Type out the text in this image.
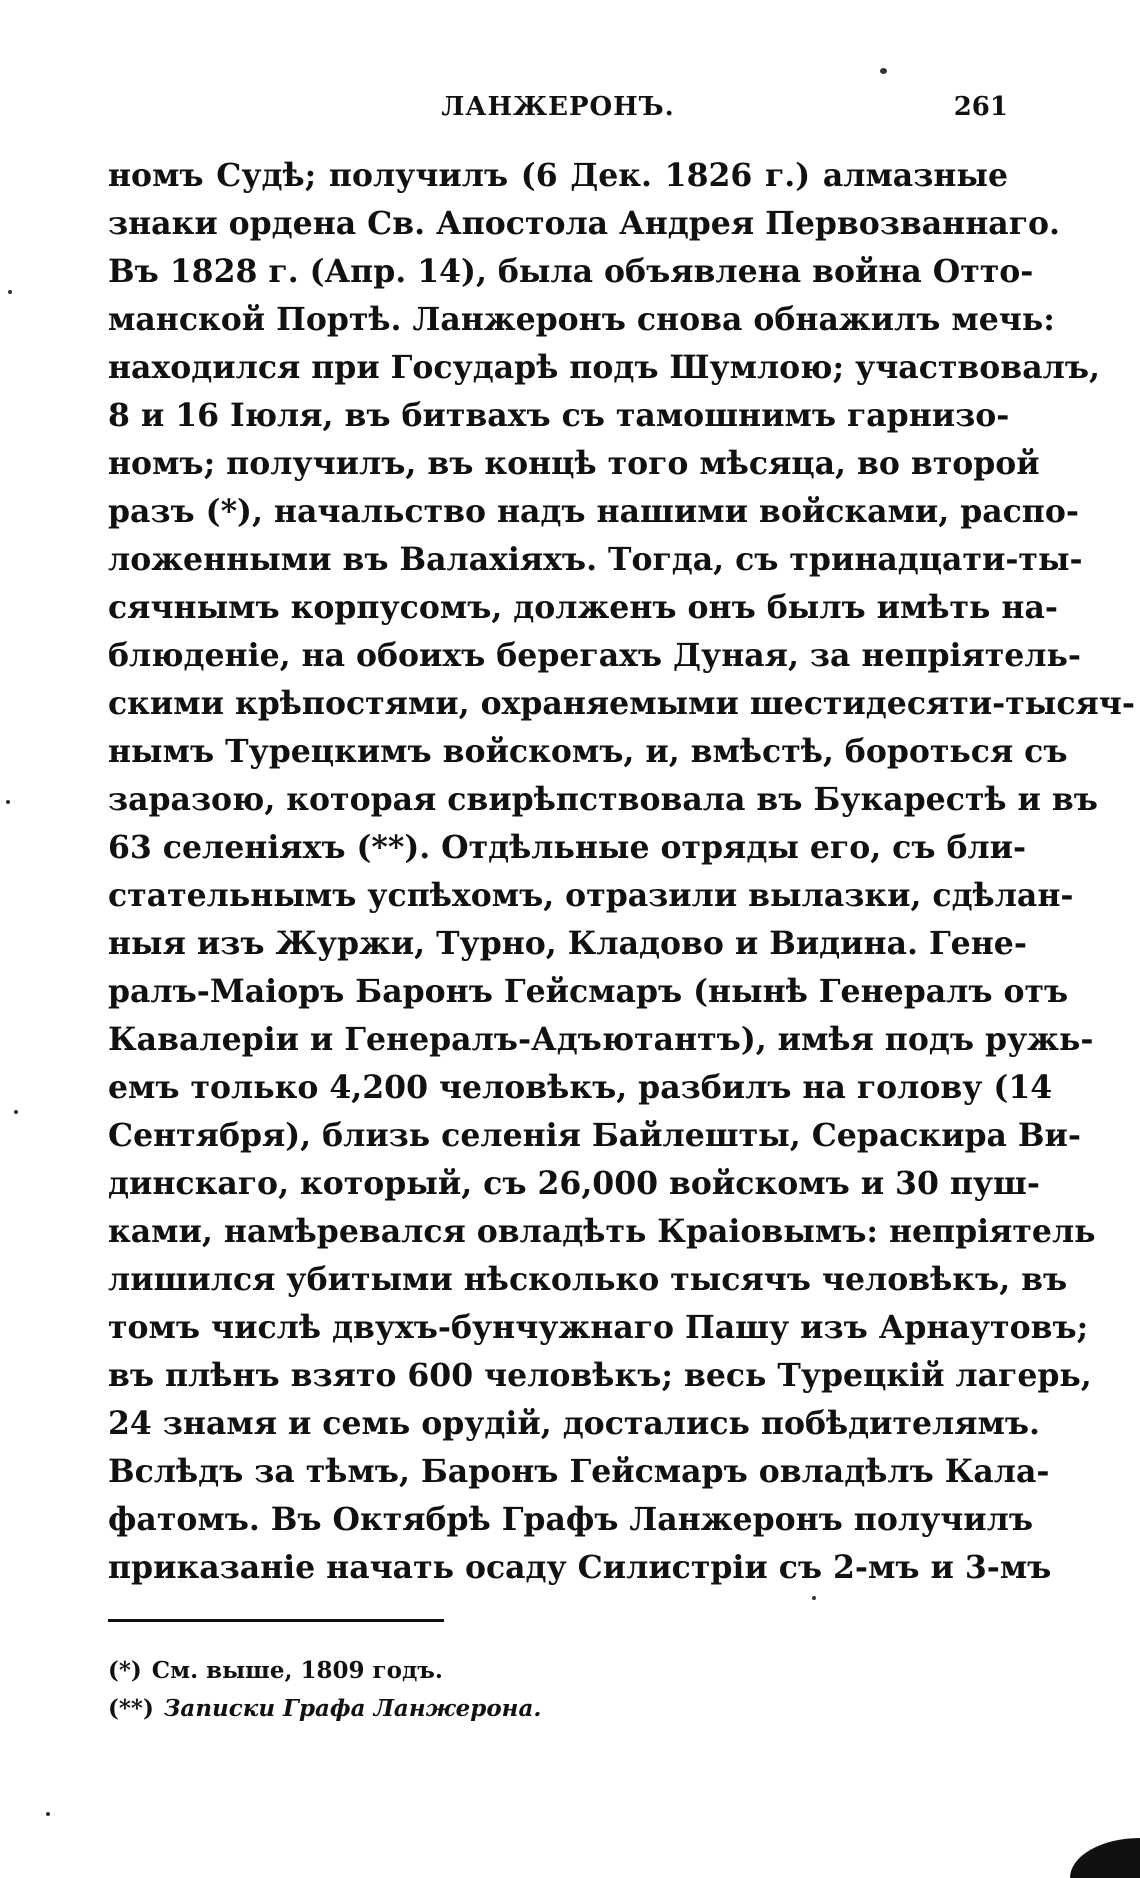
ЛАНЖЕРОНЪ.	261
номъ Судѣ; получилъ (6 Дек. 1826 г.) алмазные
знаки ордена Св. Апостола Андрея Первозваннаго.
Въ 1828 г. (Апр. 14), была объявлена война Отто-
манской Портѣ. Ланжеронъ снова обнажилъ мечь:
находился при Государѣ подъ Шумлою; участвовалъ,
8 и 16 Іюля, въ битвахъ съ тамошнимъ гарнизо-
номъ; получилъ, въ концѣ того мѣсяца, во второй
разъ (*), начальство надъ нашими войсками, распо-
ложенными въ Валахіяхъ. Тогда, съ тринадцати-ты-
сячнымъ корпусомъ, долженъ онъ былъ имѣть на-
блюденіе, на обоихъ берегахъ Дуная, за непріятель-
скими крѣпостями, охраняемыми шестидесяти-тысяч-
нымъ Турецкимъ войскомъ, и, вмѣстѣ, бороться съ
заразою, которая свирѣпствовала въ Букарестѣ и въ
63 селеніяхъ (**). Отдѣльные отряды его, съ бли-
стательнымъ успѣхомъ, отразили вылазки, сдѣлан-
ныя изъ Журжи, Турно, Кладово и Видина. Гене-
ралъ-Маіоръ Баронъ Гейсмаръ (нынѣ Генералъ отъ
Кавалеріи и Генералъ-Адъютантъ), имѣя подъ ружь-
емъ только 4,200 человѣкъ, разбилъ на голову (14
Сентября), близь селенія Байлешты, Сераскира Ви-
динскаго, который, съ 26,000 войскомъ и 30 пуш-
ками, намѣревался овладѣть Краіовымъ: непріятель
лишился убитыми нѣсколько тысячъ человѣкъ, въ
томъ числѣ двухъ-бунчужнаго Пашу изъ Арнаутовъ;
въ плѣнъ взято 600 человѣкъ; весь Турецкій лагерь,
24 знамя и семь орудій, достались побѣдителямъ.
Вслѣдъ за тѣмъ, Баронъ Гейсмаръ овладѣлъ Кала-
фатомъ. Въ Октябрѣ Графъ Ланжеронъ получилъ
приказаніе начать осаду Силистріи съ 2-мъ и 3-мъ
(*) См. выше, 1809 годъ.
(**) Записки Графа Ланжерона.
